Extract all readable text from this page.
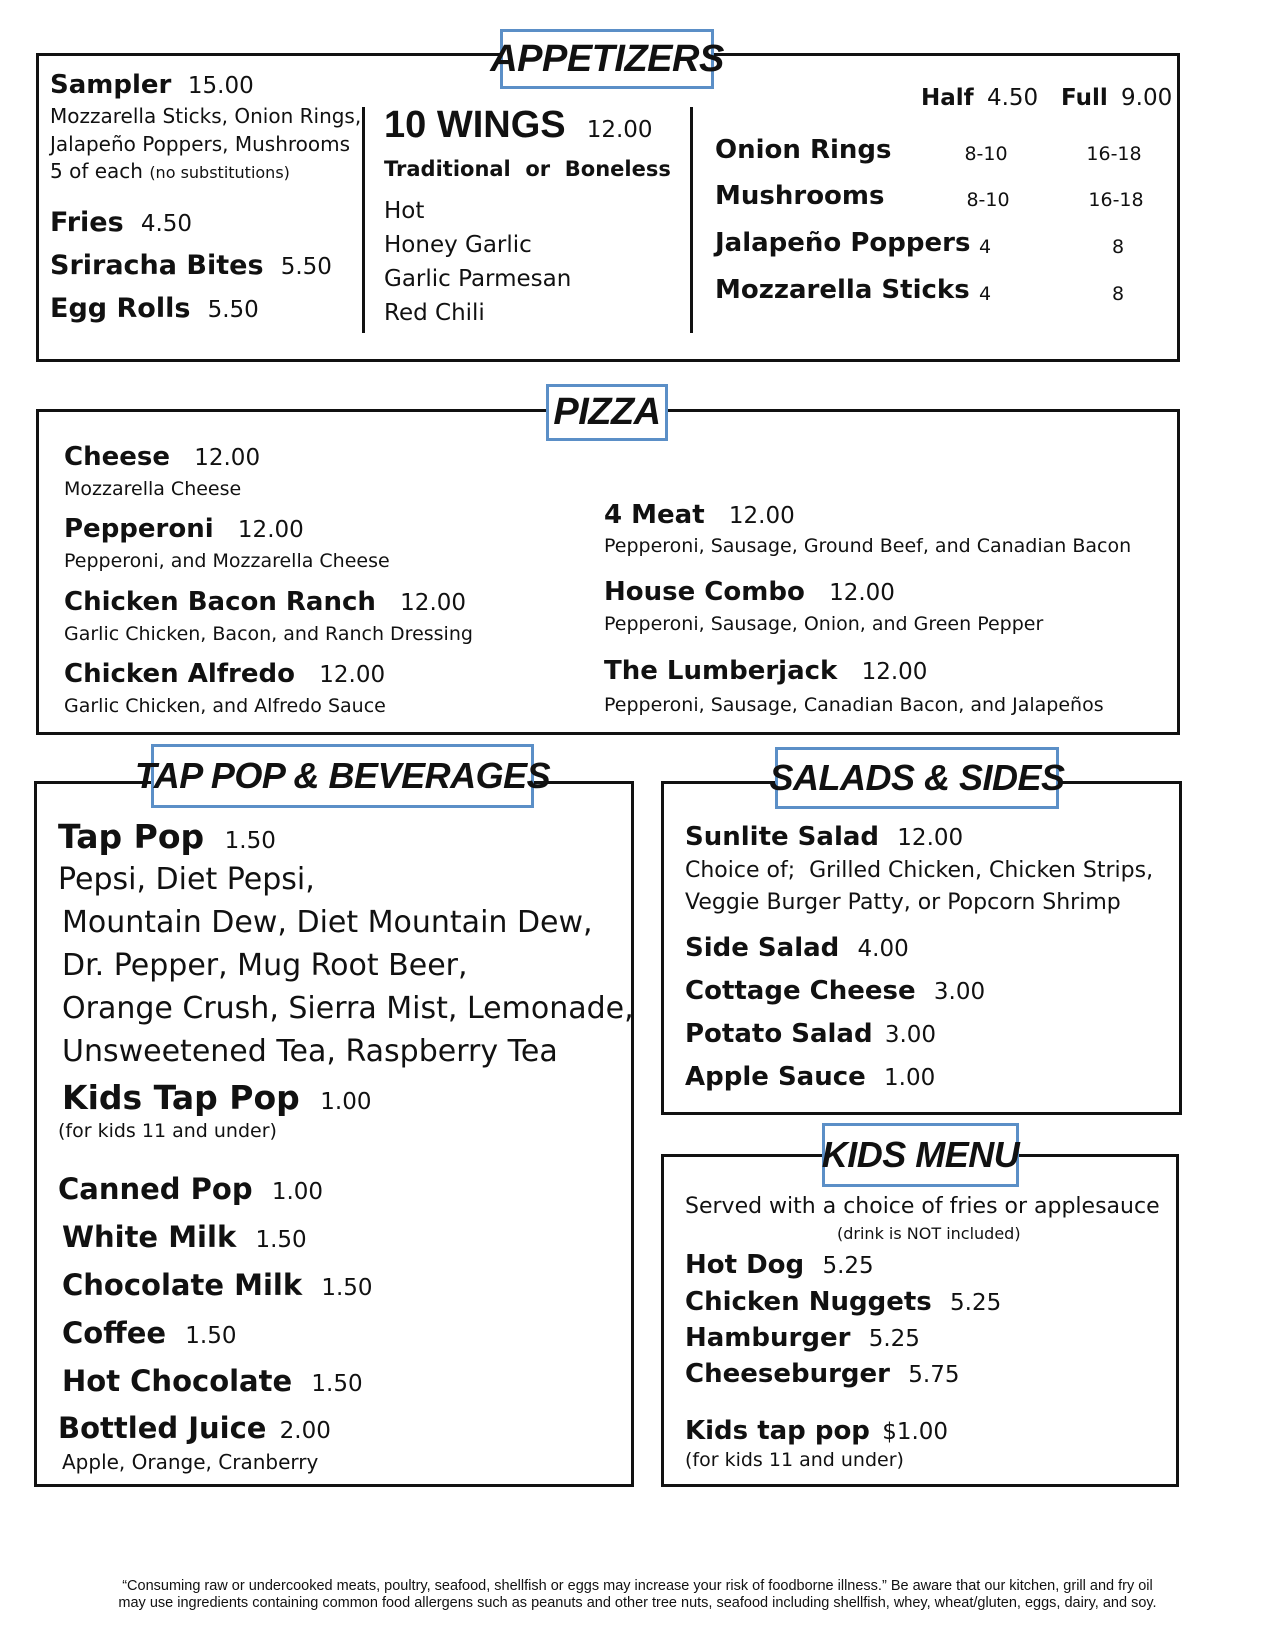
APPETIZERS
Sampler 15.00
Mozzarella Sticks, Onion Rings,
Jalapeño Poppers, Mushrooms
5 of each (no substitutions)
Fries 4.50
Sriracha Bites 5.50
Egg Rolls 5.50
10 WINGS 12.00
Traditional  or  Boneless
Hot
Honey Garlic
Garlic Parmesan
Red Chili
Half 4.50 Full 9.00
Onion Rings	8-10	16-18
Mushrooms	8-10	16-18
Jalapeño Poppers 4	8
Mozzarella Sticks 4	8
PIZZA
Cheese 12.00
Mozzarella Cheese
Pepperoni 12.00
Pepperoni, and Mozzarella Cheese
Chicken Bacon Ranch 12.00
Garlic Chicken, Bacon, and Ranch Dressing
Chicken Alfredo 12.00
Garlic Chicken, and Alfredo Sauce
4 Meat 12.00
Pepperoni, Sausage, Ground Beef, and Canadian Bacon
House Combo 12.00
Pepperoni, Sausage, Onion, and Green Pepper
The Lumberjack 12.00
Pepperoni, Sausage, Canadian Bacon, and Jalapeños
TAP POP & BEVERAGES
Tap Pop 1.50
Pepsi, Diet Pepsi,
Mountain Dew, Diet Mountain Dew,
Dr. Pepper, Mug Root Beer,
Orange Crush, Sierra Mist, Lemonade,
Unsweetened Tea, Raspberry Tea
Kids Tap Pop 1.00
(for kids 11 and under)
Canned Pop 1.00
White Milk 1.50
Chocolate Milk 1.50
Coffee 1.50
Hot Chocolate 1.50
Bottled Juice 2.00
Apple, Orange, Cranberry
SALADS & SIDES
Sunlite Salad 12.00
Choice of;  Grilled Chicken, Chicken Strips,
Veggie Burger Patty, or Popcorn Shrimp
Side Salad 4.00
Cottage Cheese 3.00
Potato Salad 3.00
Apple Sauce 1.00
KIDS MENU
Served with a choice of fries or applesauce
(drink is NOT included)
Hot Dog 5.25
Chicken Nuggets 5.25
Hamburger 5.25
Cheeseburger 5.75
Kids tap pop $1.00
(for kids 11 and under)
“Consuming raw or undercooked meats, poultry, seafood, shellfish or eggs may increase your risk of foodborne illness.” Be aware that our kitchen, grill and fry oil
may use ingredients containing common food allergens such as peanuts and other tree nuts, seafood including shellfish, whey, wheat/gluten, eggs, dairy, and soy.
